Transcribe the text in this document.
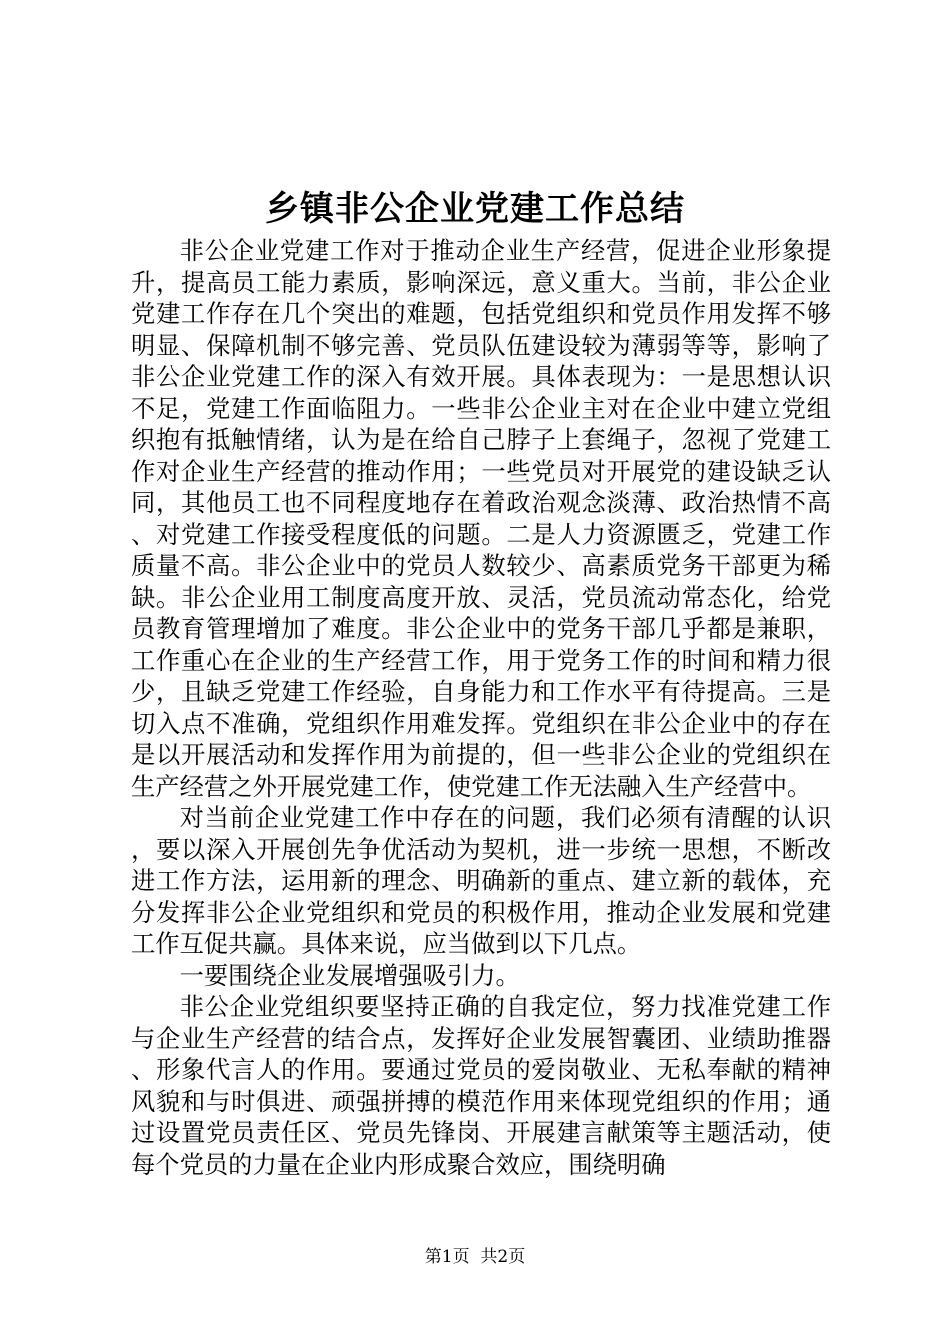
乡镇非公企业党建工作总结

非公企业党建工作对于推动企业生产经营，促进企业形象提升，提高员工能力素质，影响深远，意义重大。当前，非公企业党建工作存在几个突出的难题，包括党组织和党员作用发挥不够明显、保障机制不够完善、党员队伍建设较为薄弱等等，影响了非公企业党建工作的深入有效开展。具体表现为：一是思想认识不足，党建工作面临阻力。一些非公企业主对在企业中建立党组织抱有抵触情绪，认为是在给自己脖子上套绳子，忽视了党建工作对企业生产经营的推动作用；一些党员对开展党的建设缺乏认同，其他员工也不同程度地存在着政治观念淡薄、政治热情不高、对党建工作接受程度低的问题。二是人力资源匮乏，党建工作质量不高。非公企业中的党员人数较少、高素质党务干部更为稀缺。非公企业用工制度高度开放、灵活，党员流动常态化，给党员教育管理增加了难度。非公企业中的党务干部几乎都是兼职，工作重心在企业的生产经营工作，用于党务工作的时间和精力很少，且缺乏党建工作经验，自身能力和工作水平有待提高。三是切入点不准确，党组织作用难发挥。党组织在非公企业中的存在是以开展活动和发挥作用为前提的，但一些非公企业的党组织在生产经营之外开展党建工作，使党建工作无法融入生产经营中。

对当前企业党建工作中存在的问题，我们必须有清醒的认识，要以深入开展创先争优活动为契机，进一步统一思想，不断改进工作方法，运用新的理念、明确新的重点、建立新的载体，充分发挥非公企业党组织和党员的积极作用，推动企业发展和党建工作互促共赢。具体来说，应当做到以下几点。

一要围绕企业发展增强吸引力。

非公企业党组织要坚持正确的自我定位，努力找准党建工作与企业生产经营的结合点，发挥好企业发展智囊团、业绩助推器、形象代言人的作用。要通过党员的爱岗敬业、无私奉献的精神风貌和与时俱进、顽强拼搏的模范作用来体现党组织的作用；通过设置党员责任区、党员先锋岗、开展建言献策等主题活动，使每个党员的力量在企业内形成聚合效应，围绕明确

第1页 共2页
